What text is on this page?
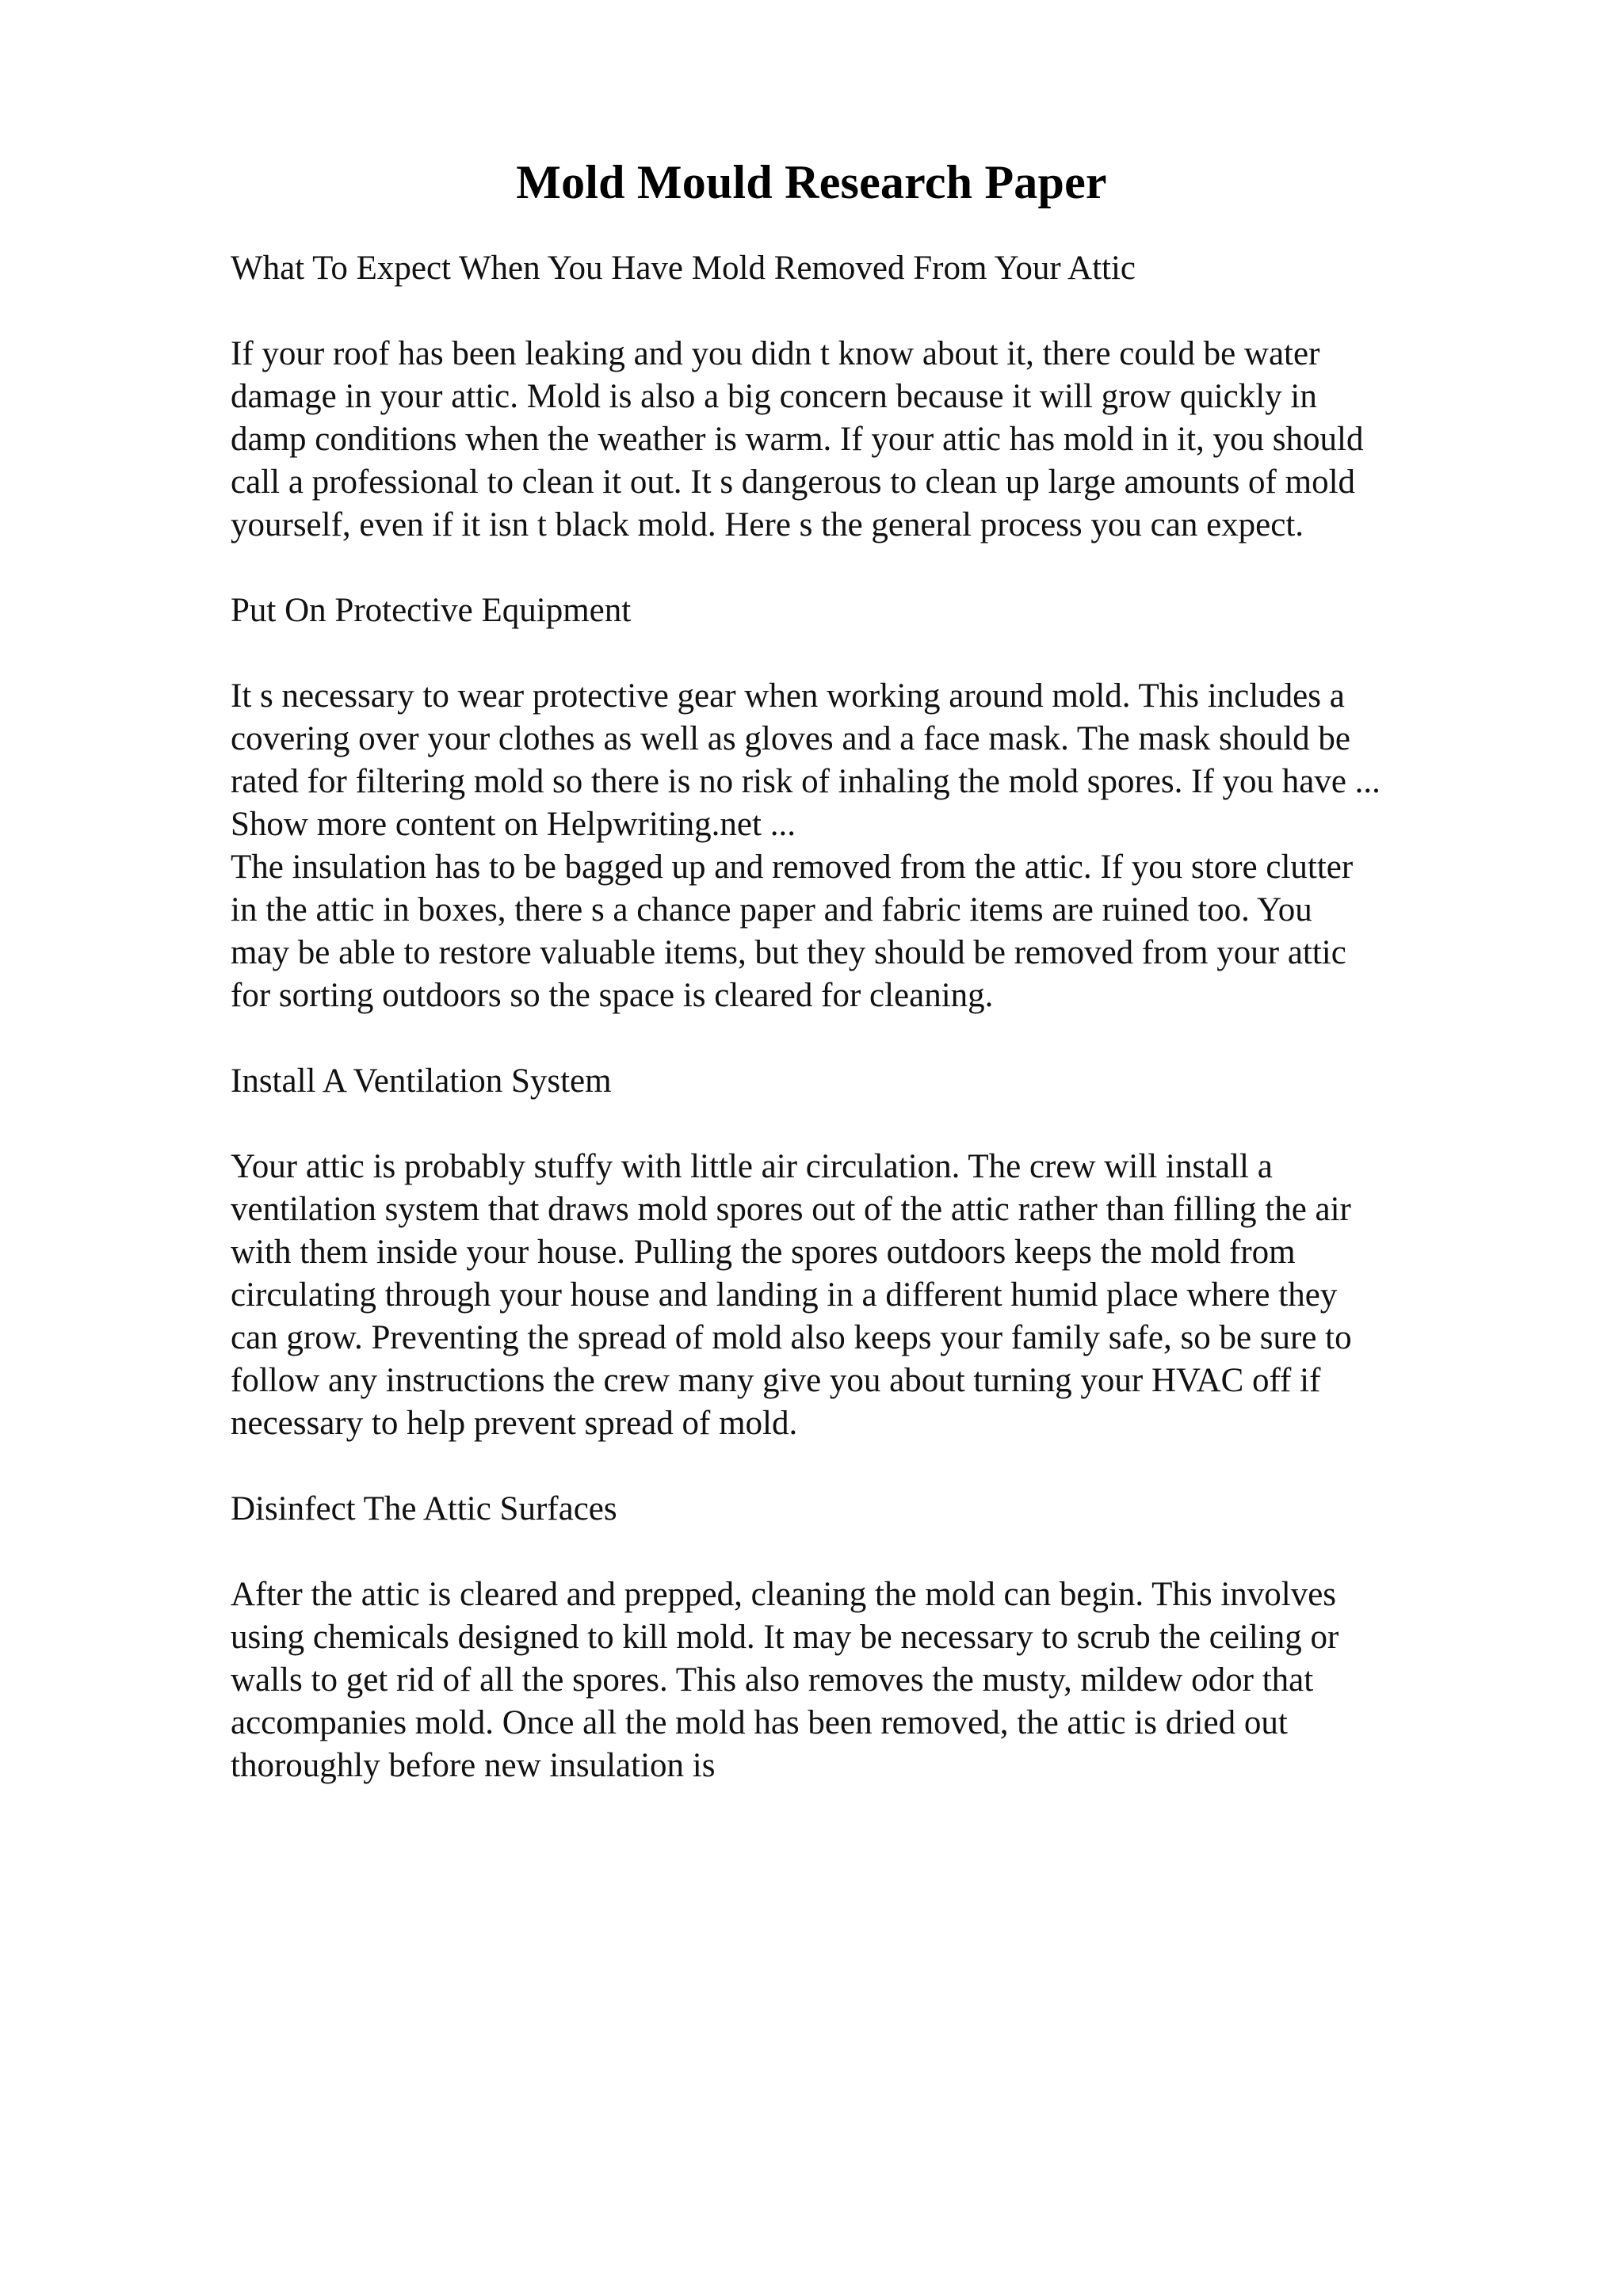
Mold Mould Research Paper

What To Expect When You Have Mold Removed From Your Attic

If your roof has been leaking and you didn t know about it, there could be water
damage in your attic. Mold is also a big concern because it will grow quickly in
damp conditions when the weather is warm. If your attic has mold in it, you should
call a professional to clean it out. It s dangerous to clean up large amounts of mold
yourself, even if it isn t black mold. Here s the general process you can expect.

Put On Protective Equipment

It s necessary to wear protective gear when working around mold. This includes a
covering over your clothes as well as gloves and a face mask. The mask should be
rated for filtering mold so there is no risk of inhaling the mold spores. If you have ...
Show more content on Helpwriting.net ...

The insulation has to be bagged up and removed from the attic. If you store clutter
in the attic in boxes, there s a chance paper and fabric items are ruined too. You
may be able to restore valuable items, but they should be removed from your attic
for sorting outdoors so the space is cleared for cleaning.

Install A Ventilation System

Your attic is probably stuffy with little air circulation. The crew will install a
ventilation system that draws mold spores out of the attic rather than filling the air
with them inside your house. Pulling the spores outdoors keeps the mold from
circulating through your house and landing in a different humid place where they
can grow. Preventing the spread of mold also keeps your family safe, so be sure to
follow any instructions the crew many give you about turning your HVAC off if
necessary to help prevent spread of mold.

Disinfect The Attic Surfaces

After the attic is cleared and prepped, cleaning the mold can begin. This involves
using chemicals designed to kill mold. It may be necessary to scrub the ceiling or
walls to get rid of all the spores. This also removes the musty, mildew odor that
accompanies mold. Once all the mold has been removed, the attic is dried out
thoroughly before new insulation is
